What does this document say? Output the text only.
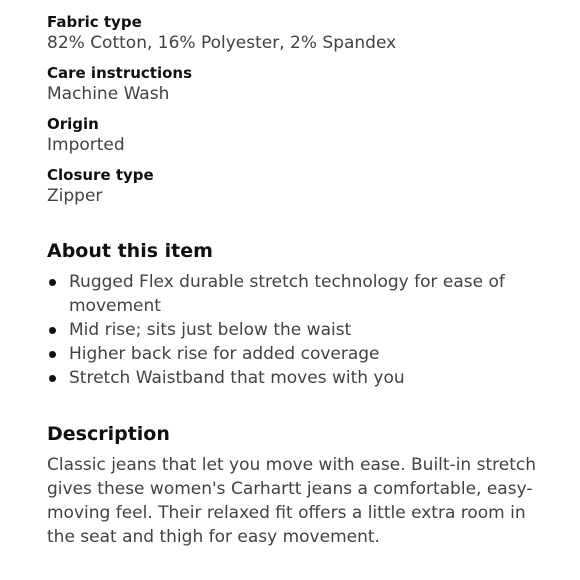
Fabric type
82% Cotton, 16% Polyester, 2% Spandex
Care instructions
Machine Wash
Origin
Imported
Closure type
Zipper
About this item
Rugged Flex durable stretch technology for ease of movement
Mid rise; sits just below the waist
Higher back rise for added coverage
Stretch Waistband that moves with you
Description

Classic jeans that let you move with ease. Built-in stretch gives these women's Carhartt jeans a comfortable, easy-moving feel. Their relaxed fit offers a little extra room in the seat and thigh for easy movement.
